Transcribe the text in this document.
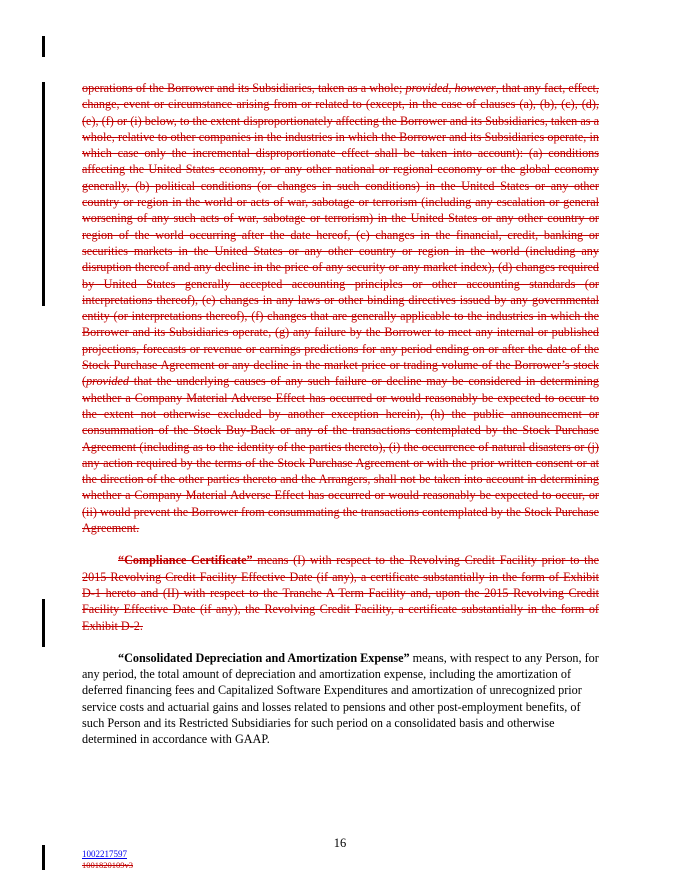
operations of the Borrower and its Subsidiaries, taken as a whole; provided, however, that any fact, effect, change, event or circumstance arising from or related to (except, in the case of clauses (a), (b), (c), (d), (e), (f) or (i) below, to the extent disproportionately affecting the Borrower and its Subsidiaries, taken as a whole, relative to other companies in the industries in which the Borrower and its Subsidiaries operate, in which case only the incremental disproportionate effect shall be taken into account): (a) conditions affecting the United States economy, or any other national or regional economy or the global economy generally, (b) political conditions (or changes in such conditions) in the United States or any other country or region in the world or acts of war, sabotage or terrorism (including any escalation or general worsening of any such acts of war, sabotage or terrorism) in the United States or any other country or region of the world occurring after the date hereof, (c) changes in the financial, credit, banking or securities markets in the United States or any other country or region in the world (including any disruption thereof and any decline in the price of any security or any market index), (d) changes required by United States generally accepted accounting principles or other accounting standards (or interpretations thereof), (e) changes in any laws or other binding directives issued by any governmental entity (or interpretations thereof), (f) changes that are generally applicable to the industries in which the Borrower and its Subsidiaries operate, (g) any failure by the Borrower to meet any internal or published projections, forecasts or revenue or earnings predictions for any period ending on or after the date of the Stock Purchase Agreement or any decline in the market price or trading volume of the Borrower’s stock (provided that the underlying causes of any such failure or decline may be considered in determining whether a Company Material Adverse Effect has occurred or would reasonably be expected to occur to the extent not otherwise excluded by another exception herein), (h) the public announcement or consummation of the Stock Buy-Back or any of the transactions contemplated by the Stock Purchase Agreement (including as to the identity of the parties thereto), (i) the occurrence of natural disasters or (j) any action required by the terms of the Stock Purchase Agreement or with the prior written consent or at the direction of the other parties thereto and the Arrangers, shall not be taken into account in determining whether a Company Material Adverse Effect has occurred or would reasonably be expected to occur, or (ii) would prevent the Borrower from consummating the transactions contemplated by the Stock Purchase Agreement.

“Compliance Certificate” means (I) with respect to the Revolving Credit Facility prior to the 2015 Revolving Credit Facility Effective Date (if any), a certificate substantially in the form of Exhibit D-1 hereto and (II) with respect to the Tranche A Term Facility and, upon the 2015 Revolving Credit Facility Effective Date (if any), the Revolving Credit Facility, a certificate substantially in the form of Exhibit D-2.

“Consolidated Depreciation and Amortization Expense” means, with respect to any Person, for any period, the total amount of depreciation and amortization expense, including the amortization of deferred financing fees and Capitalized Software Expenditures and amortization of unrecognized prior service costs and actuarial gains and losses related to pensions and other post-employment benefits, of such Person and its Restricted Subsidiaries for such period on a consolidated basis and otherwise determined in accordance with GAAP.

16
1002217597
1001820109v3
